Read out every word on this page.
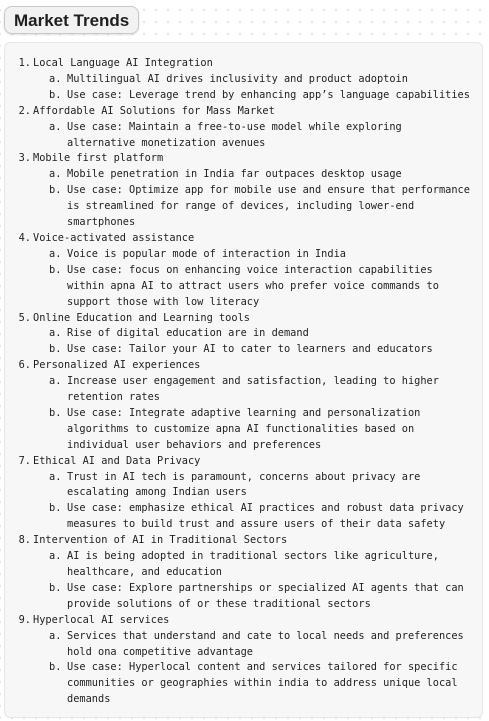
Market Trends
1. Local Language AI Integration
a. Multilingual AI drives inclusivity and product adoptoin
b. Use case: Leverage trend by enhancing app’s language capabilities
2. Affordable AI Solutions for Mass Market
a. Use case: Maintain a free-to-use model while exploring alternative monetization avenues
3. Mobile first platform
a. Mobile penetration in India far outpaces desktop usage
b. Use case: Optimize app for mobile use and ensure that performance is streamlined for range of devices, including lower-end smartphones
4. Voice-activated assistance
a. Voice is popular mode of interaction in India
b. Use case: focus on enhancing voice interaction capabilities within apna AI to attract users who prefer voice commands to support those with low literacy
5. Online Education and Learning tools
a. Rise of digital education are in demand
b. Use case: Tailor your AI to cater to learners and educators
6. Personalized AI experiences
a. Increase user engagement and satisfaction, leading to higher retention rates
b. Use case: Integrate adaptive learning and personalization algorithms to customize apna AI functionalities based on individual user behaviors and preferences
7. Ethical AI and Data Privacy
a. Trust in AI tech is paramount, concerns about privacy are escalating among Indian users
b. Use case: emphasize ethical AI practices and robust data privacy measures to build trust and assure users of their data safety
8. Intervention of AI in Traditional Sectors
a. AI is being adopted in traditional sectors like agriculture, healthcare, and education
b. Use case: Explore partnerships or specialized AI agents that can provide solutions of or these traditional sectors
9. Hyperlocal AI services
a. Services that understand and cate to local needs and preferences hold ona competitive advantage
b. Use case: Hyperlocal content and services tailored for specific communities or geographies within india to address unique local demands
